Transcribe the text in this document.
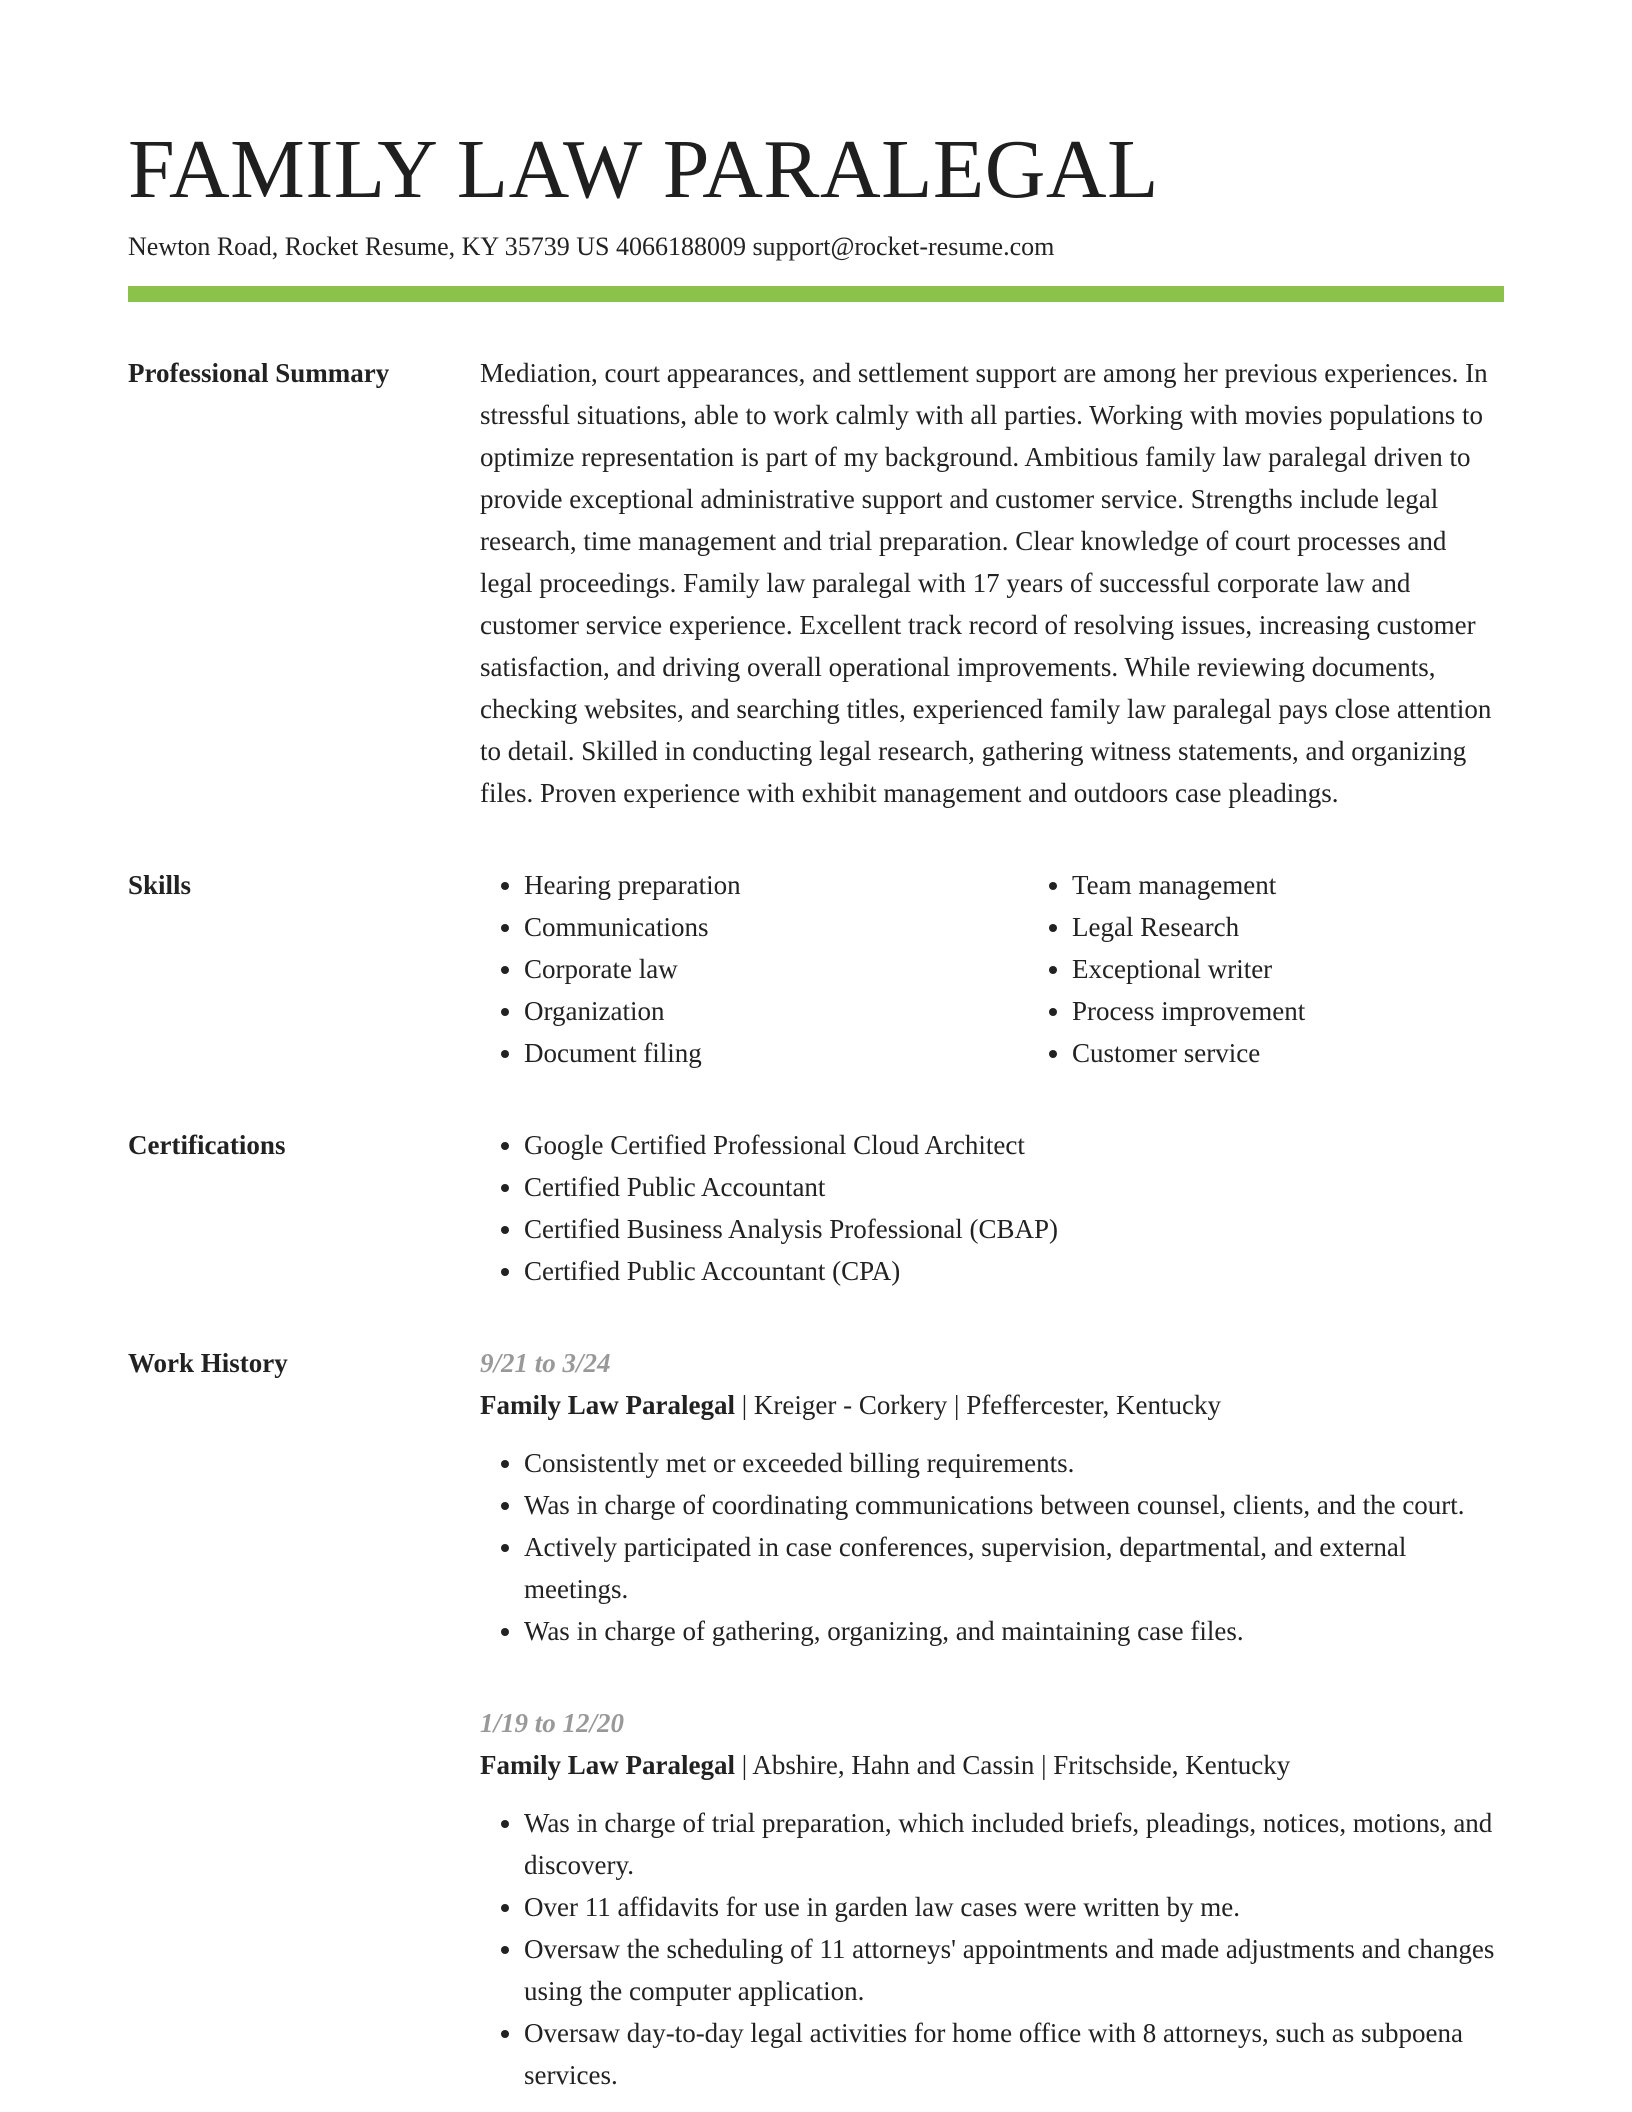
FAMILY LAW PARALEGAL
Newton Road, Rocket Resume, KY 35739 US 4066188009 support@rocket-resume.com
Professional Summary	Mediation, court appearances, and settlement support are among her previous experiences. In stressful situations, able to work calmly with all parties. Working with movies populations to optimize representation is part of my background. Ambitious family law paralegal driven to provide exceptional administrative support and customer service. Strengths include legal research, time management and trial preparation. Clear knowledge of court processes and legal proceedings. Family law paralegal with 17 years of successful corporate law and customer service experience. Excellent track record of resolving issues, increasing customer satisfaction, and driving overall operational improvements. While reviewing documents, checking websites, and searching titles, experienced family law paralegal pays close attention to detail. Skilled in conducting legal research, gathering witness statements, and organizing files. Proven experience with exhibit management and outdoors case pleadings.

Skills	• Hearing preparation
• Communications
• Corporate law
• Organization
• Document filing
• Team management
• Legal Research
• Exceptional writer
• Process improvement
• Customer service
Certifications	• Google Certified Professional Cloud Architect
• Certified Public Accountant
• Certified Business Analysis Professional (CBAP)
• Certified Public Accountant (CPA)
Work History	9/21 to 3/24
Family Law Paralegal | Kreiger - Corkery | Pfeffercester, Kentucky
• Consistently met or exceeded billing requirements.
• Was in charge of coordinating communications between counsel, clients, and the court.
• Actively participated in case conferences, supervision, departmental, and external meetings.
• Was in charge of gathering, organizing, and maintaining case files.
1/19 to 12/20
Family Law Paralegal | Abshire, Hahn and Cassin | Fritschside, Kentucky
• Was in charge of trial preparation, which included briefs, pleadings, notices, motions, and discovery.
• Over 11 affidavits for use in garden law cases were written by me.
• Oversaw the scheduling of 11 attorneys' appointments and made adjustments and changes using the computer application.
• Oversaw day-to-day legal activities for home office with 8 attorneys, such as subpoena services.
